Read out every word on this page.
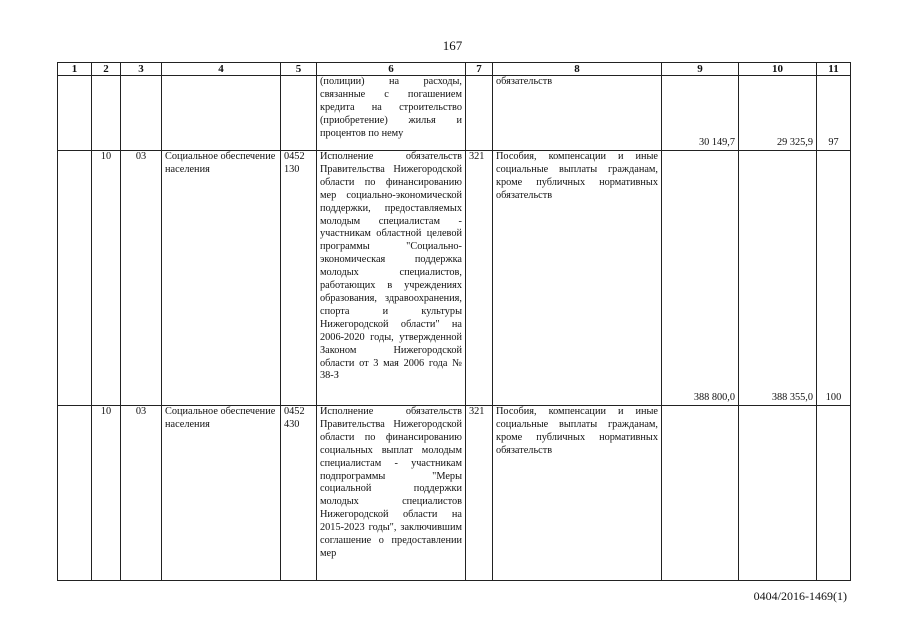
167
1	2	3	4	5	6	7	8	9	10	11
					(полиции) на расходы, связанные с погашением кредита на строительство (приобретение) жилья и процентов по нему		обязательств	30 149,7	29 325,9	97
	10	03	Социальное обеспечение населения	0452 130	Исполнение обязательств Правительства Нижегородской области по финансированию мер социально-экономической поддержки, предоставляемых молодым специалистам - участникам областной целевой программы "Социально-экономическая поддержка молодых специалистов, работающих в учреждениях образования, здравоохранения, спорта и культуры Нижегородской области" на 2006-2020 годы, утвержденной Законом Нижегородской области от 3 мая 2006 года № 38-З	321	Пособия, компенсации и иные социальные выплаты гражданам, кроме публичных нормативных обязательств	388 800,0	388 355,0	100
	10	03	Социальное обеспечение населения	0452 430	Исполнение обязательств Правительства Нижегородской области по финансированию социальных выплат молодым специалистам - участникам подпрограммы "Меры социальной поддержки молодых специалистов Нижегородской области на 2015-2023 годы", заключившим соглашение о предоставлении мер	321	Пособия, компенсации и иные социальные выплаты гражданам, кроме публичных нормативных обязательств			
0404/2016-1469(1)
